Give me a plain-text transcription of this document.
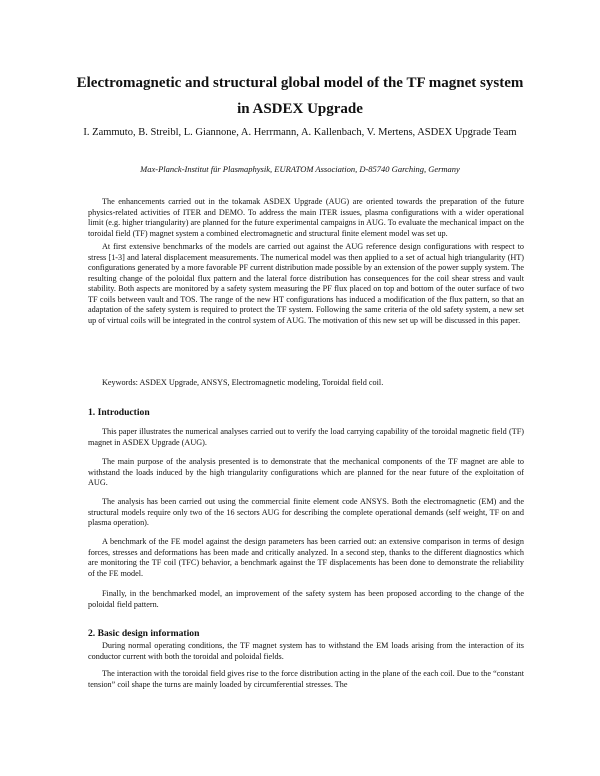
Electromagnetic and structural global model of the TF magnet system in ASDEX Upgrade

I. Zammuto, B. Streibl, L. Giannone, A. Herrmann, A. Kallenbach, V. Mertens, ASDEX Upgrade Team

Max-Planck-Institut für Plasmaphysik, EURATOM Association, D-85740 Garching, Germany

The enhancements carried out in the tokamak ASDEX Upgrade (AUG) are oriented towards the preparation of the future physics-related activities of ITER and DEMO. To address the main ITER issues, plasma configurations with a wider operational limit (e.g. higher triangularity) are planned for the future experimental campaigns in AUG. To evaluate the mechanical impact on the toroidal field (TF) magnet system a combined electromagnetic and structural finite element model was set up.

At first extensive benchmarks of the models are carried out against the AUG reference design configurations with respect to stress [1-3] and lateral displacement measurements. The numerical model was then applied to a set of actual high triangularity (HT) configurations generated by a more favorable PF current distribution made possible by an extension of the power supply system. The resulting change of the poloidal flux pattern and the lateral force distribution has consequences for the coil shear stress and vault stability. Both aspects are monitored by a safety system measuring the PF flux placed on top and bottom of the outer surface of two TF coils between vault and TOS. The range of the new HT configurations has induced a modification of the flux pattern, so that an adaptation of the safety system is required to protect the TF system. Following the same criteria of the old safety system, a new set up of virtual coils will be integrated in the control system of AUG. The motivation of this new set up will be discussed in this paper.

Keywords: ASDEX Upgrade, ANSYS, Electromagnetic modeling, Toroidal field coil.

1. Introduction

This paper illustrates the numerical analyses carried out to verify the load carrying capability of the toroidal magnetic field (TF) magnet in ASDEX Upgrade (AUG).

The main purpose of the analysis presented is to demonstrate that the mechanical components of the TF magnet are able to withstand the loads induced by the high triangularity configurations which are planned for the near future of the exploitation of AUG.

The analysis has been carried out using the commercial finite element code ANSYS. Both the electromagnetic (EM) and the structural models require only two of the 16 sectors AUG for describing the complete operational demands (self weight, TF on and plasma operation).

A benchmark of the FE model against the design parameters has been carried out: an extensive comparison in terms of design forces, stresses and deformations has been made and critically analyzed. In a second step, thanks to the different diagnostics which are monitoring the TF coil (TFC) behavior, a benchmark against the TF displacements has been done to demonstrate the reliability of the FE model.

Finally, in the benchmarked model, an improvement of the safety system has been proposed according to the change of the poloidal field pattern.

2. Basic design information

During normal operating conditions, the TF magnet system has to withstand the EM loads arising from the interaction of its conductor current with both the toroidal and poloidal fields.

The interaction with the toroidal field gives rise to the force distribution acting in the plane of the each coil. Due to the “constant tension” coil shape the turns are mainly loaded by circumferential stresses. The
